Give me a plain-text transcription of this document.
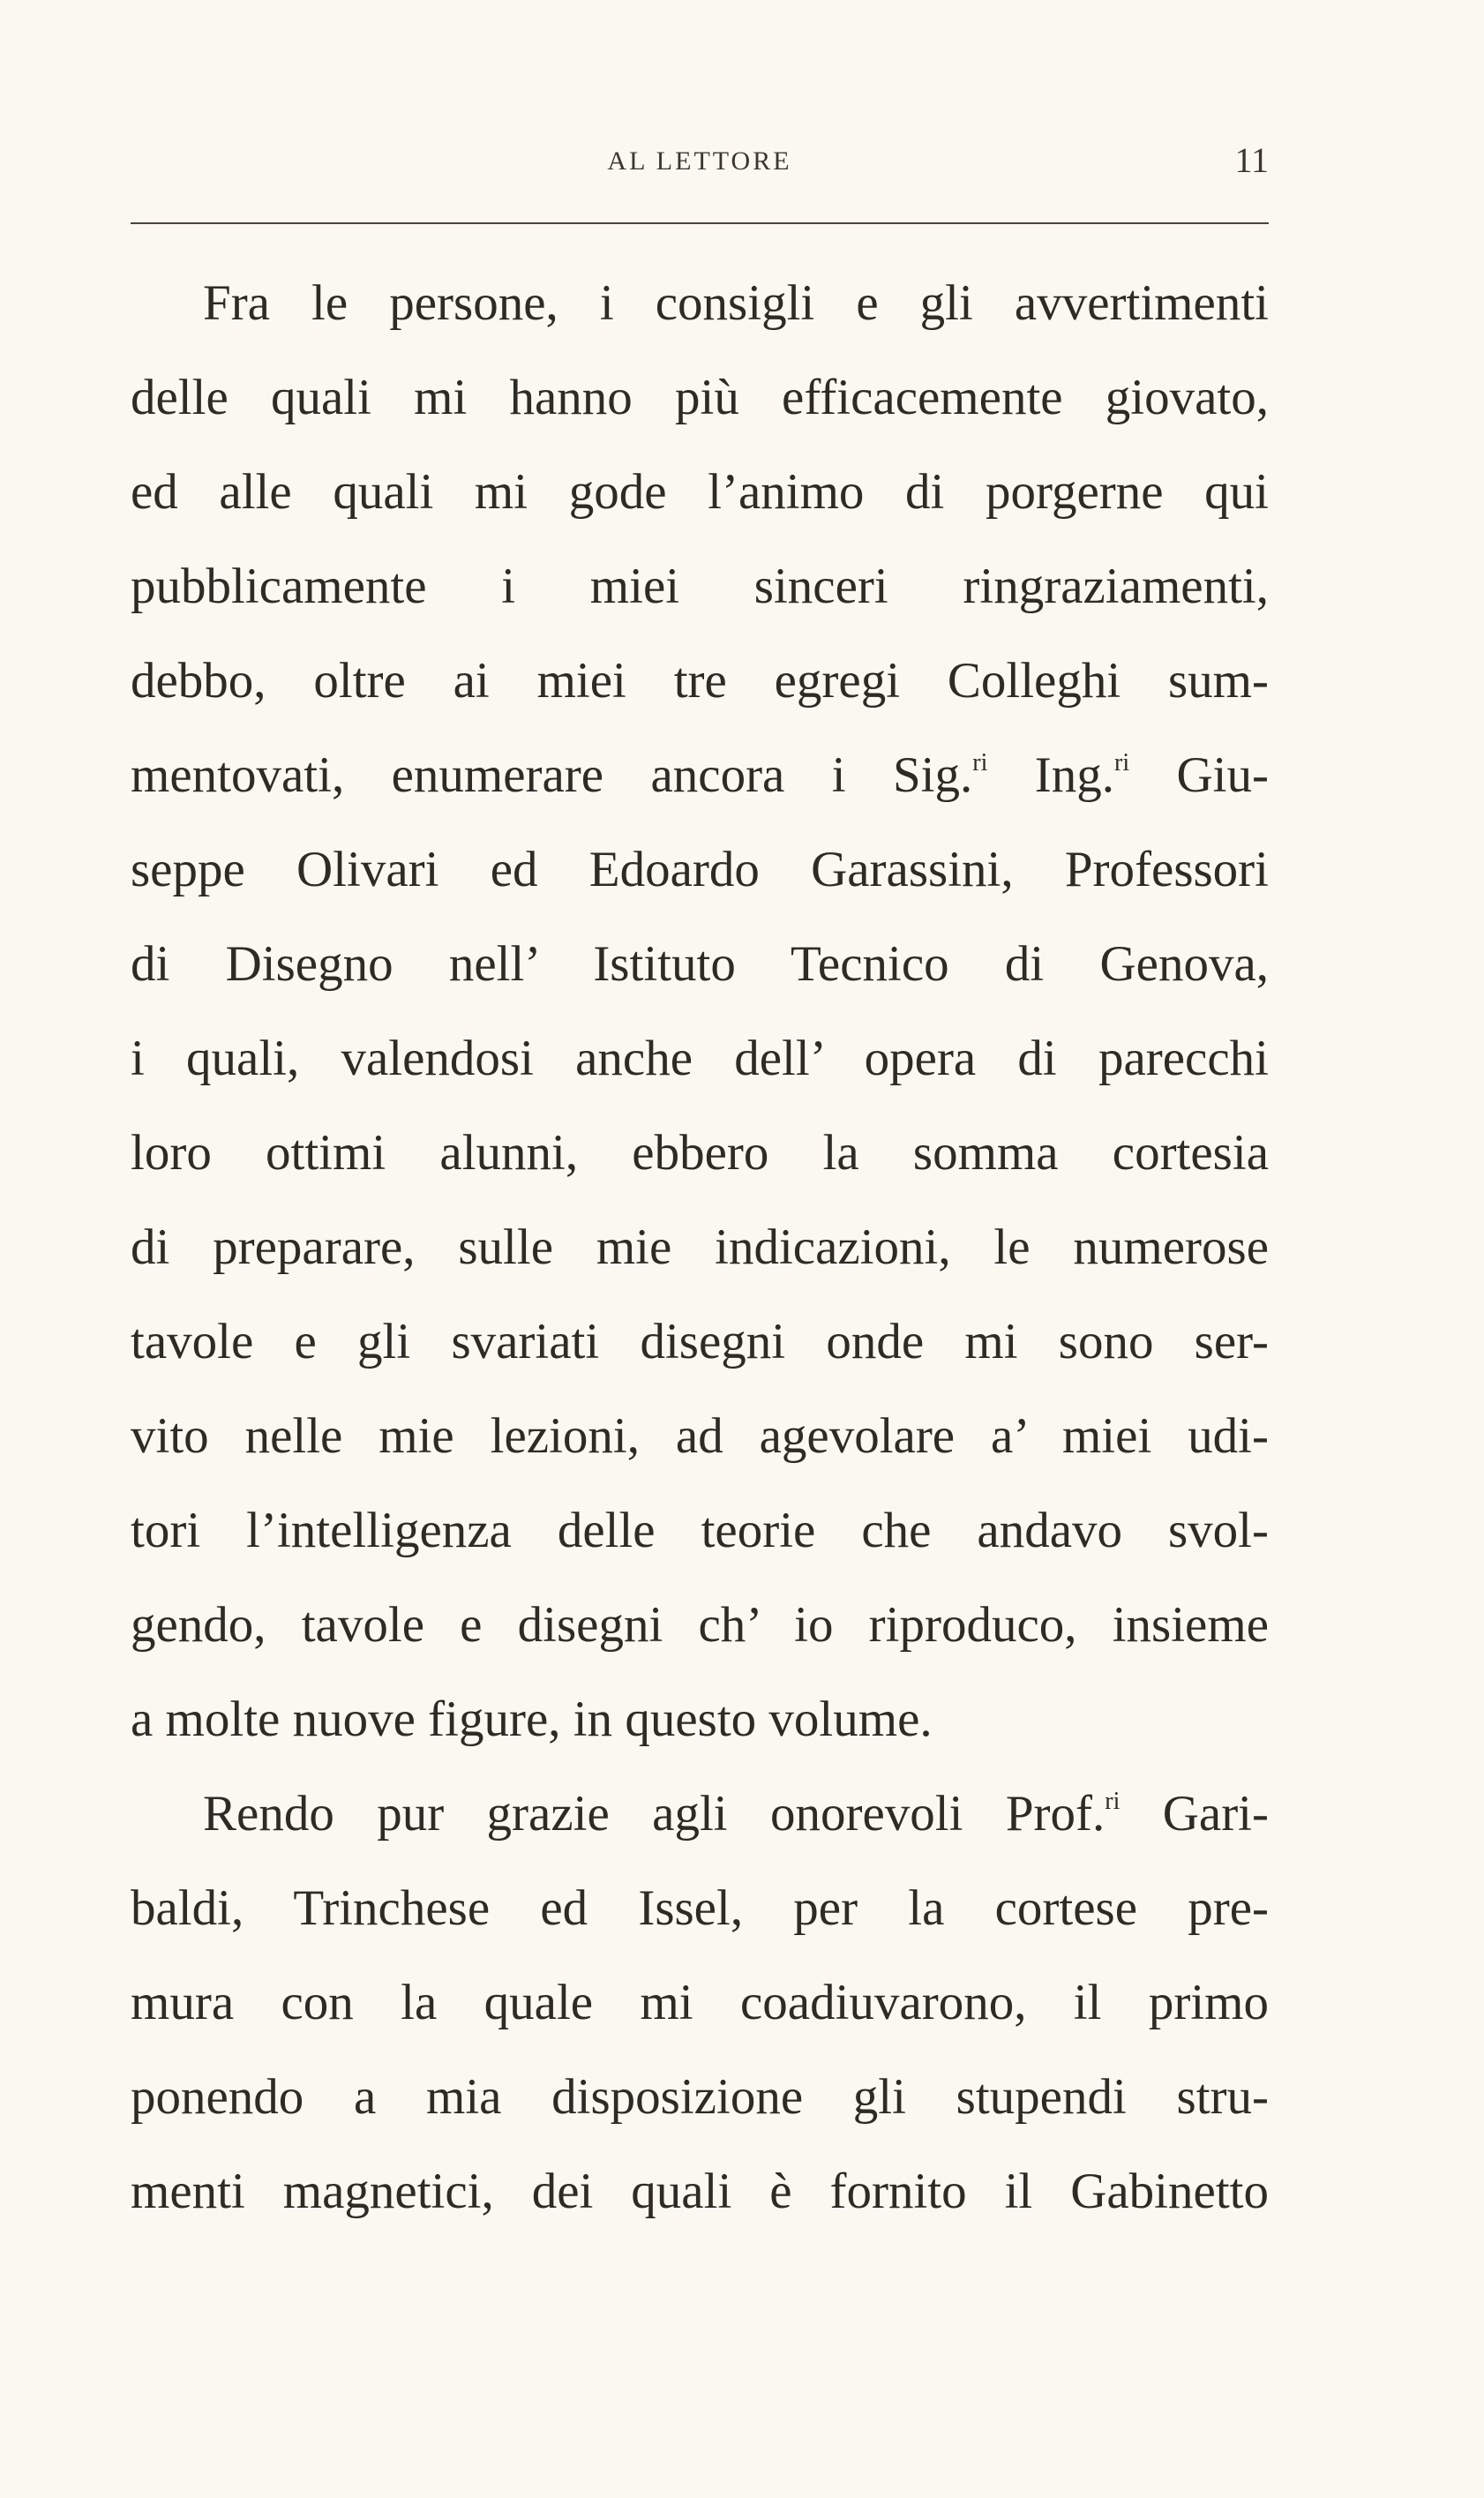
AL LETTORE	11
Fra le persone, i consigli e gli avvertimenti
delle quali mi hanno più efficacemente giovato,
ed alle quali mi gode l’animo di porgerne qui
pubblicamente i miei sinceri ringraziamenti,
debbo, oltre ai miei tre egregi Colleghi sum-
mentovati, enumerare ancora i Sig.$^{ri}$ Ing.$^{ri}$ Giu-
seppe Olivari ed Edoardo Garassini, Professori
di Disegno nell’ Istituto Tecnico di Genova,
i quali, valendosi anche dell’ opera di parecchi
loro ottimi alunni, ebbero la somma cortesia
di preparare, sulle mie indicazioni, le numerose
tavole e gli svariati disegni onde mi sono ser-
vito nelle mie lezioni, ad agevolare a’ miei udi-
tori l’intelligenza delle teorie che andavo svol-
gendo, tavole e disegni ch’ io riproduco, insieme
a molte nuove figure, in questo volume.
Rendo pur grazie agli onorevoli Prof.$^{ri}$ Gari-
baldi, Trinchese ed Issel, per la cortese pre-
mura con la quale mi coadiuvarono, il primo
ponendo a mia disposizione gli stupendi stru-
menti magnetici, dei quali è fornito il Gabinetto
